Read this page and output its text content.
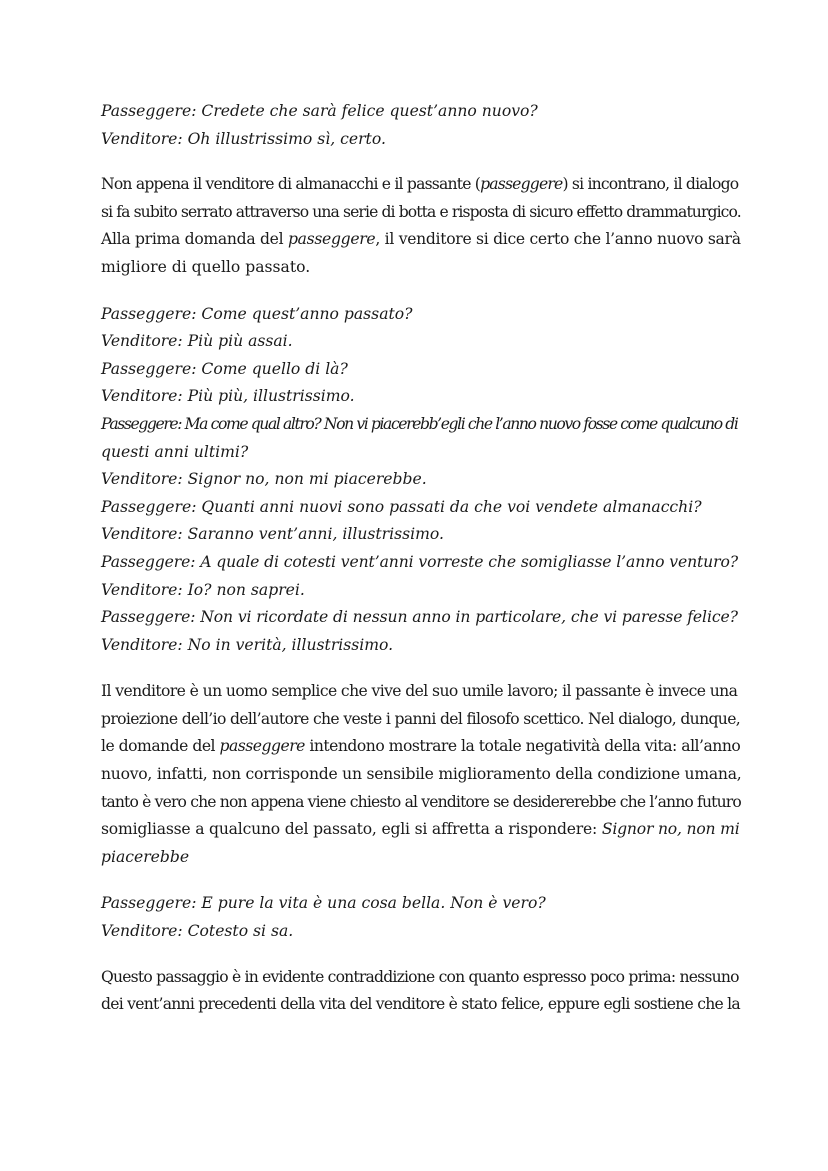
Passeggere: Credete che sarà felice quest’anno nuovo?
Venditore: Oh illustrissimo sì, certo.
Non appena il venditore di almanacchi e il passante (passeggere) si incontrano, il dialogo
si fa subito serrato attraverso una serie di botta e risposta di sicuro effetto drammaturgico.
Alla prima domanda del passeggere, il venditore si dice certo che l’anno nuovo sarà
migliore di quello passato.
Passeggere: Come quest’anno passato?
Venditore: Più più assai.
Passeggere: Come quello di là?
Venditore: Più più, illustrissimo.
Passeggere: Ma come qual altro? Non vi piacerebb’egli che l’anno nuovo fosse come qualcuno di
questi anni ultimi?
Venditore: Signor no, non mi piacerebbe.
Passeggere: Quanti anni nuovi sono passati da che voi vendete almanacchi?
Venditore: Saranno vent’anni, illustrissimo.
Passeggere: A quale di cotesti vent’anni vorreste che somigliasse l’anno venturo?
Venditore: Io? non saprei.
Passeggere: Non vi ricordate di nessun anno in particolare, che vi paresse felice?
Venditore: No in verità, illustrissimo.
Il venditore è un uomo semplice che vive del suo umile lavoro; il passante è invece una
proiezione dell’io dell’autore che veste i panni del filosofo scettico. Nel dialogo, dunque,
le domande del passeggere intendono mostrare la totale negatività della vita: all’anno
nuovo, infatti, non corrisponde un sensibile miglioramento della condizione umana,
tanto è vero che non appena viene chiesto al venditore se desidererebbe che l’anno futuro
somigliasse a qualcuno del passato, egli si affretta a rispondere: Signor no, non mi
piacerebbe
Passeggere: E pure la vita è una cosa bella. Non è vero?
Venditore: Cotesto si sa.
Questo passaggio è in evidente contraddizione con quanto espresso poco prima: nessuno
dei vent’anni precedenti della vita del venditore è stato felice, eppure egli sostiene che la
